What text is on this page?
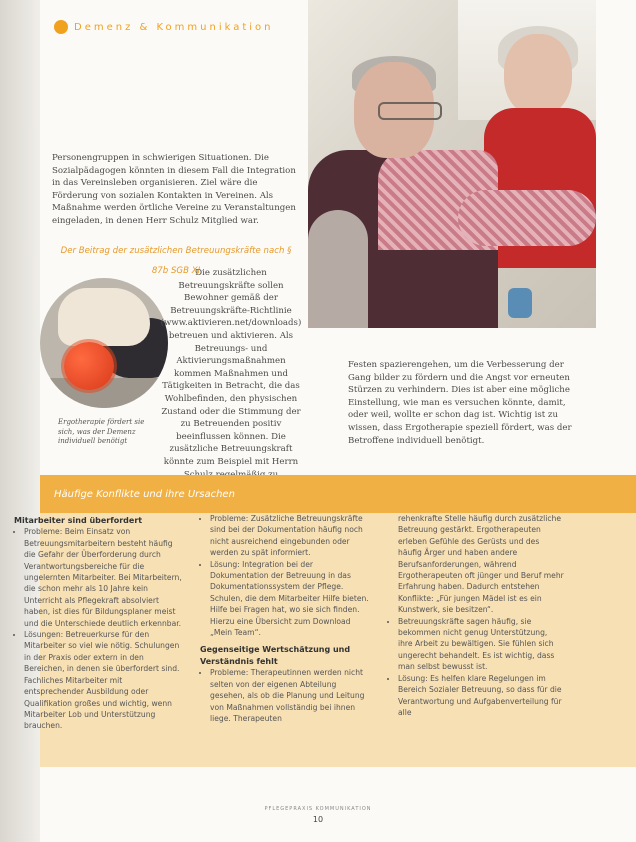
Demenz & Kommunikation
Personengruppen in schwierigen Situationen. Die Sozialpädagogen könnten in diesem Fall die Integration in das Vereinsleben organisieren. Ziel wäre die Förderung von sozialen Kontakten in Vereinen. Als Maßnahme werden örtliche Vereine zu Veranstaltungen eingeladen, in denen Herr Schulz Mitglied war.
Der Beitrag der zusätzlichen Betreuungskräfte nach § 87b SGB XI
Ergotherapie fördert sie sich, was der Demenz individuell benötigt
Die zusätzlichen Betreuungskräfte sollen Bewohner gemäß der Betreuungskräfte-Richtlinie (www.aktivieren.net/downloads) betreuen und aktivieren. Als Betreuungs- und Aktivierungsmaßnahmen kommen Maßnahmen und Tätigkeiten in Betracht, die das Wohlbefinden, den physischen Zustand oder die Stimmung der zu Betreuenden positiv beeinflussen können. Die zusätzliche Betreuungskraft könnte zum Beispiel mit Herrn
Festen spazierengehen, um die Verbesserung der Gang bilder zu fördern und die Angst vor erneuten Stürzen zu verhindern. Dies ist aber eine mögliche Einstellung, wie man es versuchen könnte, damit, oder weil, wollte er schon dag ist. Wichtig ist zu wissen, dass Ergotherapie speziell fördert, was der Betroffene individuell benötigt.
Häufige Konflikte und ihre Ursachen
Mitarbeiter sind überfordert
• Probleme: Beim Einsatz von Betreuungsmitarbeitern besteht häufig die Gefahr der Überforderung durch Verantwortungsbereiche für die ungelernten Mitarbeiter. Bei Mitarbeitern, die schon mehr als 10 Jahre kein Unterricht als Pflegekraft absolviert haben, ist dies für Bildungsplaner meist und die Unterschiede deutlich erkennbar.
• Lösungen: Betreuerkurse für den Mitarbeiter so viel wie nötig. Schulungen in der Praxis oder extern in den Bereichen, in denen sie überfordert sind. Fachliches Mitarbeiter mit entsprechender Ausbildung oder Qualifikation großes und wichtig, wenn Mitarbeiter Lob und Unterstützung brauchen.
• Probleme: Zusätzliche Betreuungskräfte sind bei der Dokumentation häufig noch nicht ausreichend eingebunden oder werden zu spät informiert.
• Lösung: Integration bei der Dokumentation der Betreuung in das Dokumentationssystem der Pflege. Schulen, die dem Mitarbeiter Hilfe bieten. Hilfe bei Fragen hat, wo sie sich finden. Hierzu eine Übersicht zum Download „Mein Team“.
Gegenseitige Wertschätzung und Verständnis fehlt
• Probleme: Therapeutinnen werden nicht selten von der eigenen Abteilung gesehen, als ob die Planung und Leitung von Maßnahmen vollständig bei ihnen liege. Therapeuten
rehenkrafte Stelle häufig durch zusätzliche Betreuung gestärkt. Ergotherapeuten erleben Gefühle des Gerüsts und des häufig Ärger und haben andere Berufsanforderungen, während Ergotherapeuten oft jünger und Beruf mehr Erfahrung haben. Dadurch entstehen Konflikte: „Für jungen Mädel ist es ein Kunstwerk, sie besitzen“.
• Betreuungskräfte sagen häufig, sie bekommen nicht genug Unterstützung, ihre Arbeit zu bewältigen. Sie fühlen sich ungerecht behandelt. Es ist wichtig, dass man selbst bewusst ist.
• Lösung: Es helfen klare Regelungen im Bereich Sozialer Betreuung, so dass für die Verantwortung und Aufgabenverteilung für alle
PFLEGEPRAXIS KOMMUNIKATION
10
